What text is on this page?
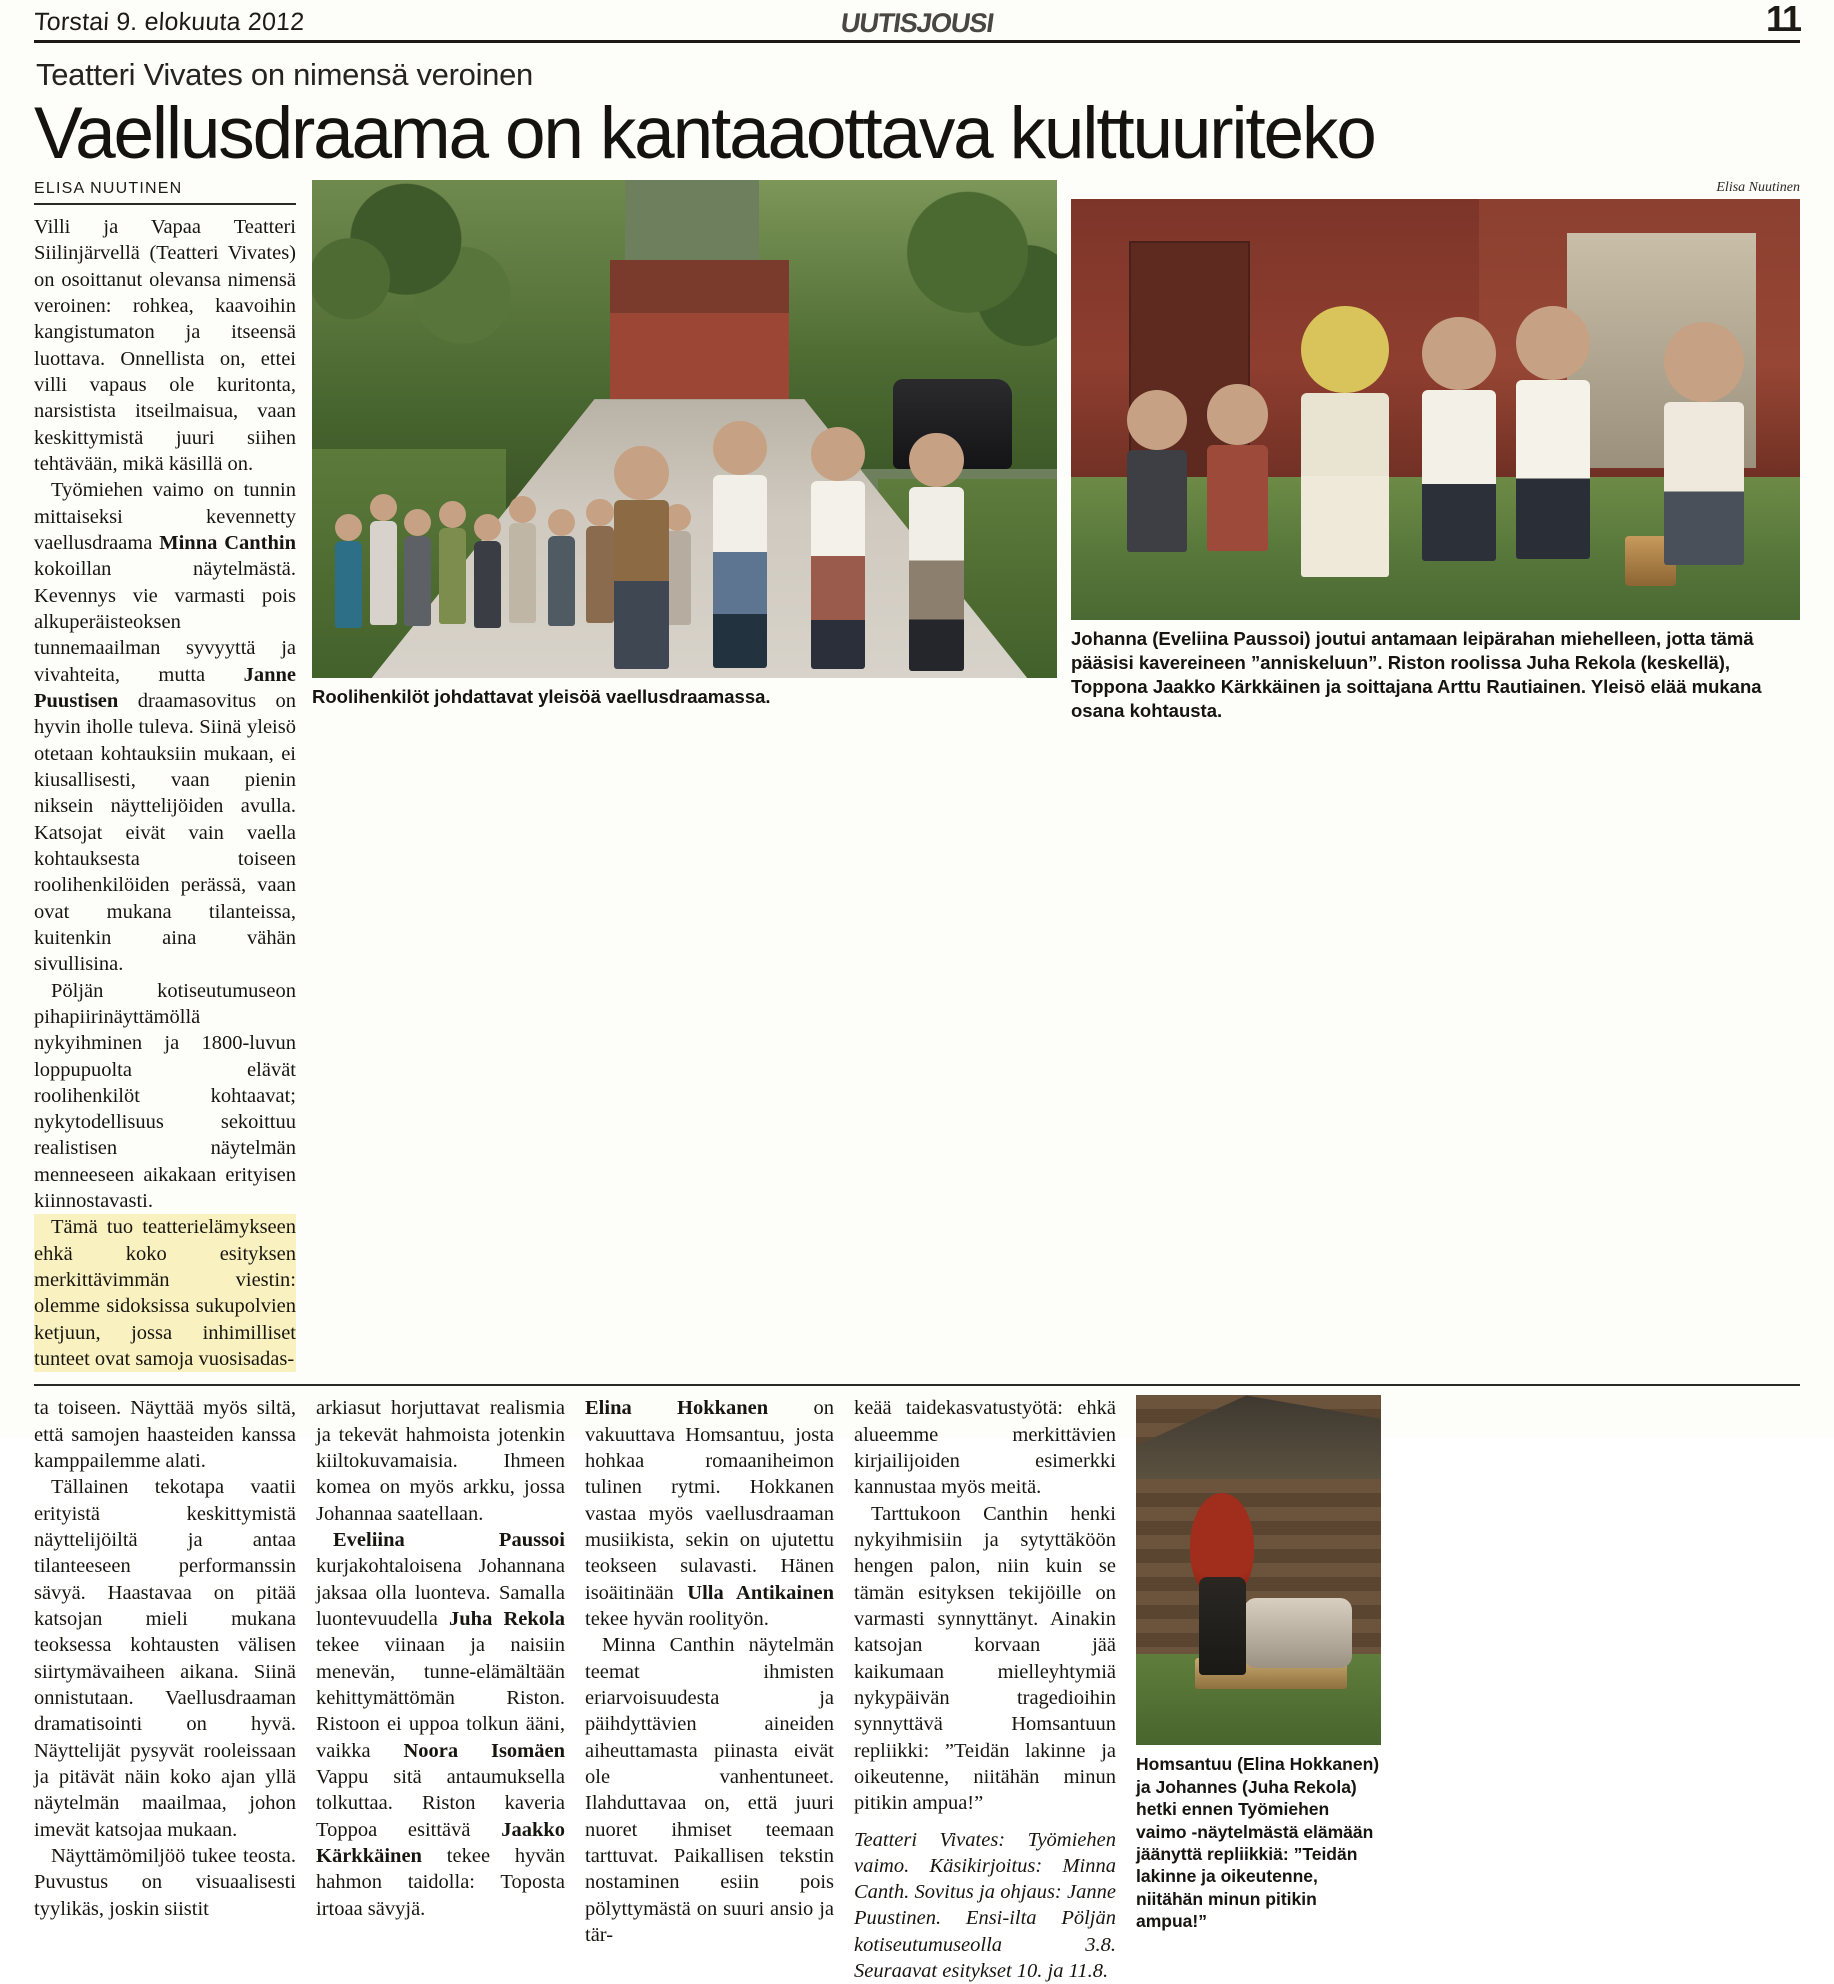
Torstai 9. elokuuta 2012	UUTISJOUSI	11
Teatteri Vivates on nimensä veroinen
Vaellusdraama on kantaaottava kulttuuriteko
ELISA NUUTINEN

Villi ja Vapaa Teatteri Siilinjärvellä (Teatteri Vivates) on osoittanut olevansa nimensä veroinen: rohkea, kaavoihin kangistumaton ja itseensä luottava. Onnellista on, ettei villi vapaus ole kuritonta, narsistista itseilmaisua, vaan keskittymistä juuri siihen tehtävään, mikä käsillä on.

Työmiehen vaimo on tunnin mittaiseksi kevennetty vaellusdraama Minna Canthin kokoillan näytelmästä. Kevennys vie varmasti pois alkuperäisteoksen tunnemaailman syvyyttä ja vivahteita, mutta Janne Puustisen draamasovitus on hyvin iholle tuleva. Siinä yleisö otetaan kohtauksiin mukaan, ei kiusallisesti, vaan pienin niksein näyttelijöiden avulla. Katsojat eivät vain vaella kohtauksesta toiseen roolihenkilöiden perässä, vaan ovat mukana tilanteissa, kuitenkin aina vähän sivullisina.

Pöljän kotiseutumuseon pihapiirinäyttämöllä nykyihminen ja 1800-luvun loppupuolta elävät roolihenkilöt kohtaavat; nykytodellisuus sekoittuu realistisen näytelmän menneeseen aikakaan erityisen kiinnostavasti.

Tämä tuo teatterielämykseen ehkä koko esityksen merkittävimmän viestin: olemme sidoksissa sukupolvien ketjuun, jossa inhimilliset tunteet ovat samoja vuosisadas-

Roolihenkilöt johdattavat yleisöä vaellusdraamassa.
Elisa Nuutinen
Johanna (Eveliina Paussoi) joutui antamaan leipärahan miehelleen, jotta tämä pääsisi kavereineen ”anniskeluun”. Riston roolissa Juha Rekola (keskellä), Toppona Jaakko Kärkkäinen ja soittajana Arttu Rautiainen. Yleisö elää mukana osana kohtausta.

ta toiseen. Näyttää myös siltä, että samojen haasteiden kanssa kamppailemme alati.

Tällainen tekotapa vaatii erityistä keskittymistä näyttelijöiltä ja antaa tilanteeseen performanssin sävyä. Haastavaa on pitää katsojan mieli mukana teoksessa kohtausten välisen siirtymävaiheen aikana. Siinä onnistutaan. Vaellusdraaman dramatisointi on hyvä. Näyttelijät pysyvät rooleissaan ja pitävät näin koko ajan yllä näytelmän maailmaa, johon imevät katsojaa mukaan.

Näyttämömiljöö tukee teosta. Puvustus on visuaalisesti tyylikäs, joskin siistit

arkiasut horjuttavat realismia ja tekevät hahmoista jotenkin kiiltokuvamaisia. Ihmeen komea on myös arkku, jossa Johannaa saatellaan.

Eveliina Paussoi kurjakohtaloisena Johannana jaksaa olla luonteva. Samalla luontevuudella Juha Rekola tekee viinaan ja naisiin menevän, tunne-elämältään kehittymättömän Riston. Ristoon ei uppoa tolkun ääni, vaikka Noora Isomäen Vappu sitä antaumuksella tolkuttaa. Riston kaveria Toppoa esittävä Jaakko Kärkkäinen tekee hyvän hahmon taidolla: Toposta irtoaa sävyjä.

Elina Hokkanen on vakuuttava Homsantuu, josta hohkaa romaaniheimon tulinen rytmi. Hokkanen vastaa myös vaellusdraaman musiikista, sekin on ujutettu teokseen sulavasti. Hänen isoäitinään Ulla Antikainen tekee hyvän roolityön.

Minna Canthin näytelmän teemat ihmisten eriarvoisuudesta ja päihdyttävien aineiden aiheuttamasta piinasta eivät ole vanhentuneet. Ilahduttavaa on, että juuri nuoret ihmiset teemaan tarttuvat. Paikallisen tekstin nostaminen esiin pois pölyttymästä on suuri ansio ja tär-

keää taidekasvatustyötä: ehkä alueemme merkittävien kirjailijoiden esimerkki kannustaa myös meitä.

Tarttukoon Canthin henki nykyihmisiin ja sytyttäköön hengen palon, niin kuin se tämän esityksen tekijöille on varmasti synnyttänyt. Ainakin katsojan korvaan jää kaikumaan mielleyhtymiä nykypäivän tragedioihin synnyttävä Homsantuun repliikki: ”Teidän lakinne ja oikeutenne, niitähän minun pitikin ampua!”

Teatteri Vivates: Työmiehen vaimo. Käsikirjoitus: Minna Canth. Sovitus ja ohjaus: Janne Puustinen. Ensi-ilta Pöljän kotiseutumuseolla 3.8. Seuraavat esitykset 10. ja 11.8.
Homsantuu (Elina Hokkanen) ja Johannes (Juha Rekola) hetki ennen Työmiehen vaimo -näytelmästä elämään jäänyttä repliikkiä: ”Teidän lakinne ja oikeutenne, niitähän minun pitikin ampua!”
